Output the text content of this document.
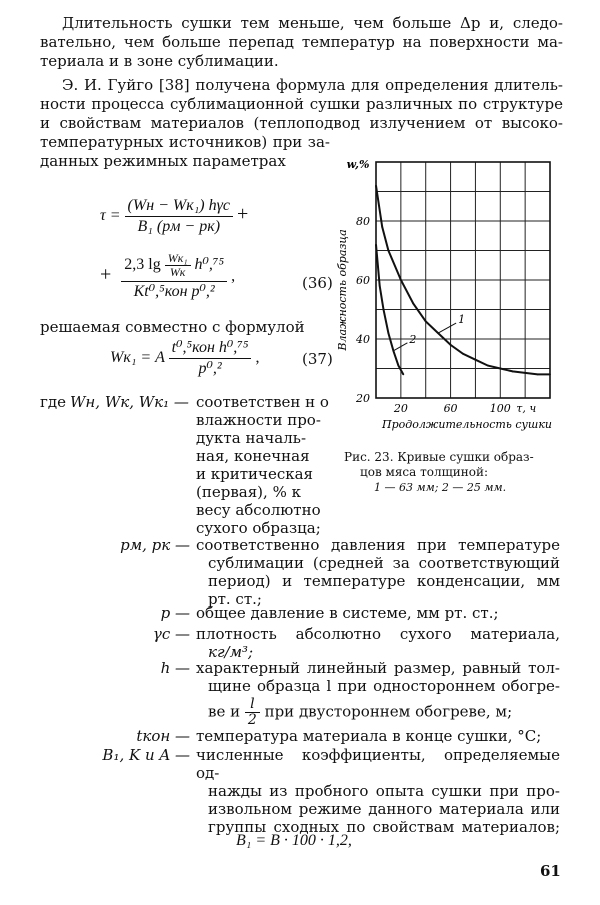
Длительность сушки тем меньше, чем больше Δp и, следо-
вательно, чем больше перепад температур на поверхности ма-
териала и в зоне сублимации.
Э. И. Гуйго [38] получена формула для определения длитель-
ности процесса сублимационной сушки различных по структуре
и свойствам материалов (теплоподвод излучением от высоко-
температурных источников) при за-
данных режимных параметрах
$\tau = \frac{\text{(Wн − Wк₁) hγc}}{\text{B₁ (pм − pк)}}$ +
+ 2,3 $\lg \frac{\text{Wк₁}}{Wк} h^0,^{75}$
Kt⁰,⁵кон p⁰,²
,	(36)
решаемая совместно с формулой
Wк₁ = A $\frac{\text{t⁰,⁵кон h⁰,⁷⁵}}{\text{p⁰,²}}$ ,	(37)
где Wн, Wк, Wк₁ — соответствен н о
влажности про-
дукта началь-
ная, конечная
и критическая
(первая), % к
весу абсолютно
сухого образца;
pм, pк — соответственно давления при температуре
сублимации (средней за соответствующий
период) и температуре конденсации, мм
рт. ст.;
p — общее давление в системе, мм рт. ст.;
γc — плотность абсолютно сухого материала,
кг/м³;
h — характерный линейный размер, равный тол-
щине образца l при одностороннем обогре-
ве и $\frac{l}{2}$ при двустороннем обогреве, м;
tкон — температура материала в конце сушки, °C;
B₁, K и A — численные коэффициенты, определяемые од-
нажды из пробного опыта сушки при про-
извольном режиме данного материала или
группы сходных по свойствам материалов;
B₁ = B · 100 · 1,2,
61
20
40
60
80
20	60	100
w,%
τ, ч
Продолжительность сушки
Влажность образца	1
2
Рис. 23. Кривые сушки образ-
цов мяса толщиной:
1 — 63 мм; 2 — 25 мм.
